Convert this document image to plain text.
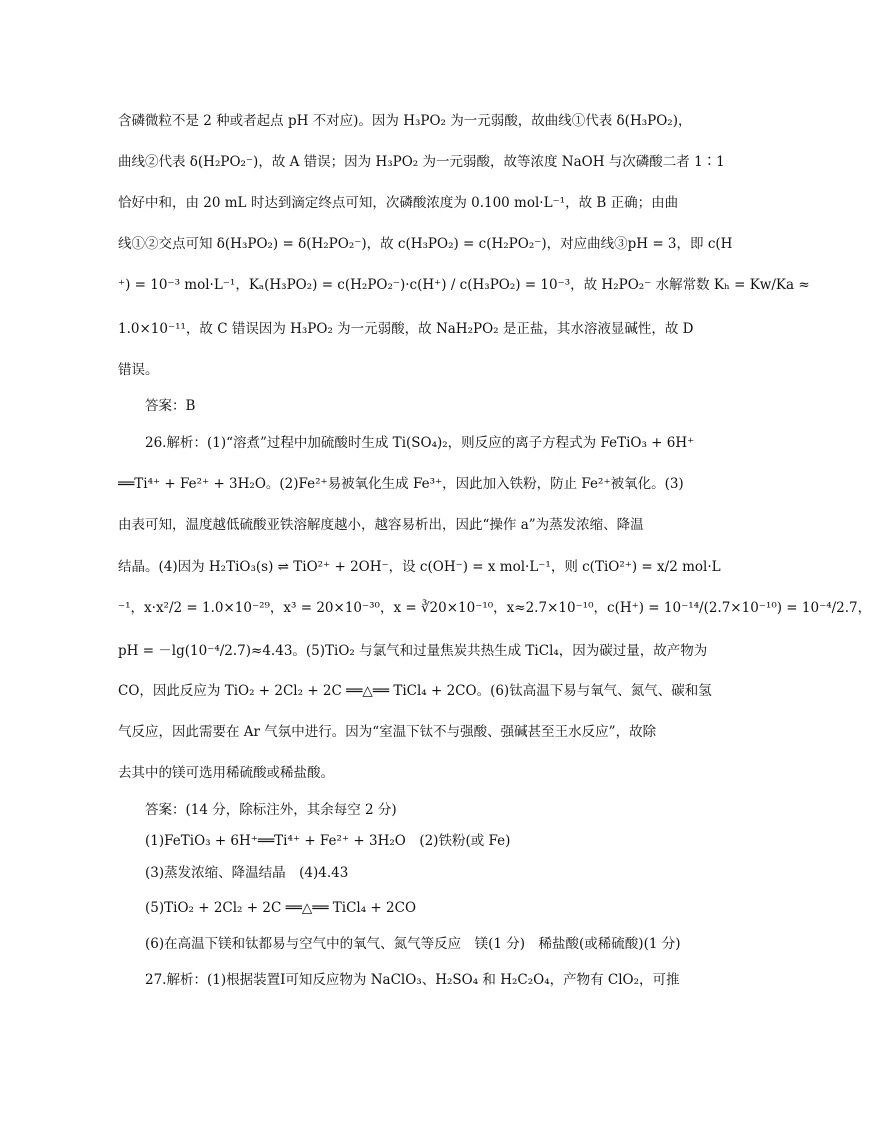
含磷微粒不是 2 种或者起点 pH 不对应)。因为 H₃PO₂ 为一元弱酸，故曲线①代表 δ(H₃PO₂)，
曲线②代表 δ(H₂PO₂⁻)，故 A 错误；因为 H₃PO₂ 为一元弱酸，故等浓度 NaOH 与次磷酸二者 1∶1
恰好中和，由 20 mL 时达到滴定终点可知，次磷酸浓度为 0.100 mol·L⁻¹，故 B 正确；由曲
线①②交点可知 δ(H₃PO₂) = δ(H₂PO₂⁻)，故 c(H₃PO₂) = c(H₂PO₂⁻)，对应曲线③pH = 3，即 c(H
⁺) = 10⁻³ mol·L⁻¹，Kₐ(H₃PO₂) = c(H₂PO₂⁻)·c(H⁺) / c(H₃PO₂) = 10⁻³，故 H₂PO₂⁻ 水解常数 Kₕ = Kw/Ka ≈
1.0×10⁻¹¹，故 C 错误因为 H₃PO₂ 为一元弱酸，故 NaH₂PO₂ 是正盐，其水溶液显碱性，故 D
错误。
答案：B
26.解析：(1)“溶煮”过程中加硫酸时生成 Ti(SO₄)₂，则反应的离子方程式为 FeTiO₃ + 6H⁺
══Ti⁴⁺ + Fe²⁺ + 3H₂O。(2)Fe²⁺易被氧化生成 Fe³⁺，因此加入铁粉，防止 Fe²⁺被氧化。(3)
由表可知，温度越低硫酸亚铁溶解度越小，越容易析出，因此“操作 a”为蒸发浓缩、降温
结晶。(4)因为 H₂TiO₃(s) ⇌ TiO²⁺ + 2OH⁻，设 c(OH⁻) = x mol·L⁻¹，则 c(TiO²⁺) = x/2 mol·L
⁻¹，x·x²/2 = 1.0×10⁻²⁹，x³ = 20×10⁻³⁰，x = ∛20×10⁻¹⁰，x≈2.7×10⁻¹⁰，c(H⁺) = 10⁻¹⁴/(2.7×10⁻¹⁰) = 10⁻⁴/2.7，
pH = －lg(10⁻⁴/2.7)≈4.43。(5)TiO₂ 与氯气和过量焦炭共热生成 TiCl₄，因为碳过量，故产物为
CO，因此反应为 TiO₂ + 2Cl₂ + 2C ══△══ TiCl₄ + 2CO。(6)钛高温下易与氧气、氮气、碳和氢
气反应，因此需要在 Ar 气氛中进行。因为“室温下钛不与强酸、强碱甚至王水反应”，故除
去其中的镁可选用稀硫酸或稀盐酸。
答案：(14 分，除标注外，其余每空 2 分)
(1)FeTiO₃ + 6H⁺══Ti⁴⁺ + Fe²⁺ + 3H₂O　(2)铁粉(或 Fe)
(3)蒸发浓缩、降温结晶　(4)4.43
(5)TiO₂ + 2Cl₂ + 2C ══△══ TiCl₄ + 2CO
(6)在高温下镁和钛都易与空气中的氧气、氮气等反应　镁(1 分)　稀盐酸(或稀硫酸)(1 分)
27.解析：(1)根据装置Ⅰ可知反应物为 NaClO₃、H₂SO₄ 和 H₂C₂O₄，产物有 ClO₂，可推
